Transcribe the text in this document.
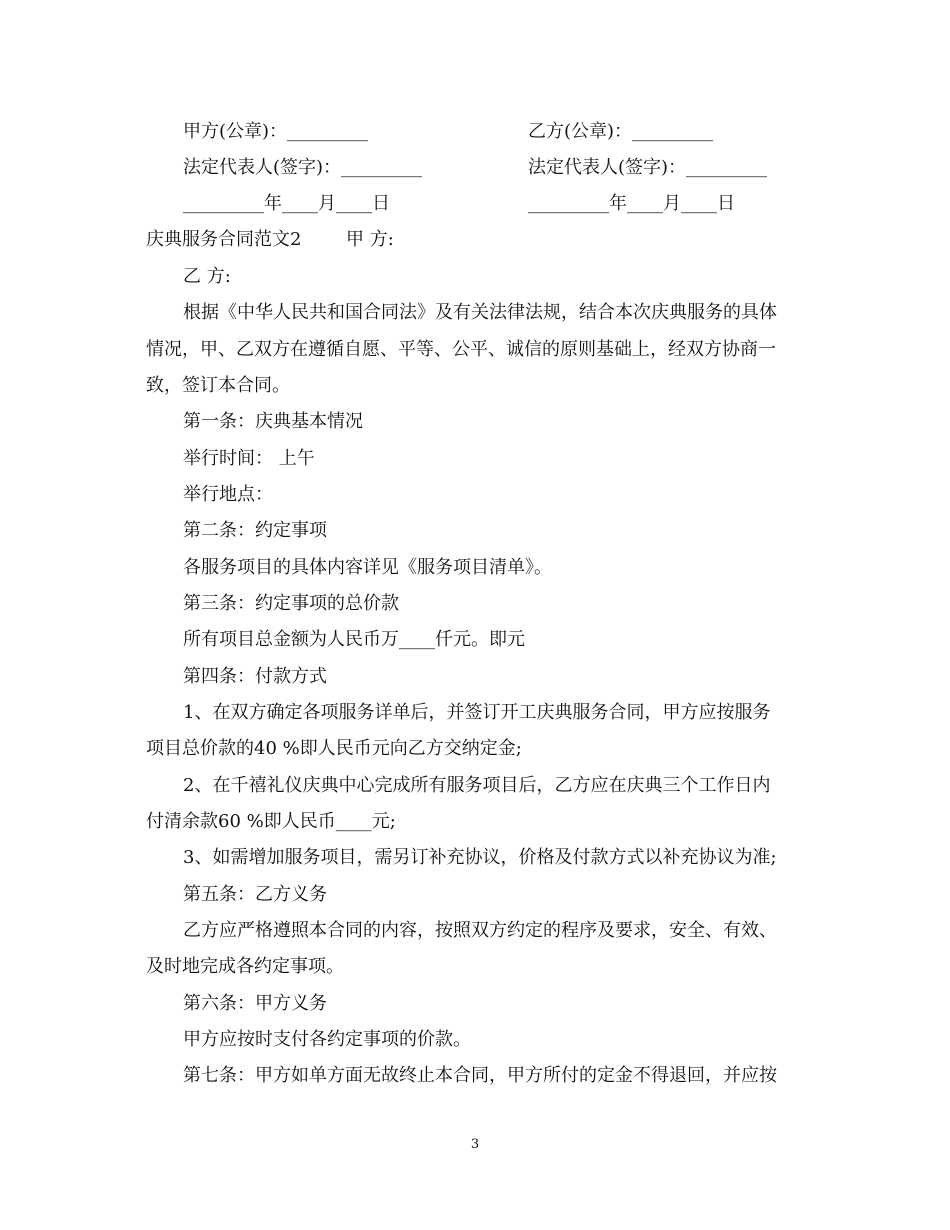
甲方(公章)：_________	乙方(公章)：_________
法定代表人(签字)：_________	法定代表人(签字)：_________
_________年____月____日	_________年____月____日
庆典服务合同范文2 甲 方:
乙 方:
根据《中华人民共和国合同法》及有关法律法规，结合本次庆典服务的具体
情况，甲、乙双方在遵循自愿、平等、公平、诚信的原则基础上，经双方协商一
致，签订本合同。
第一条：庆典基本情况
举行时间： 上午
举行地点：
第二条：约定事项
各服务项目的具体内容详见《服务项目清单》。
第三条：约定事项的总价款
所有项目总金额为人民币万____仟元。即元
第四条：付款方式
1、在双方确定各项服务详单后，并签订开工庆典服务合同，甲方应按服务
项目总价款的40 %即人民币元向乙方交纳定金;
2、在千禧礼仪庆典中心完成所有服务项目后，乙方应在庆典三个工作日内
付清余款60 %即人民币____元;
3、如需增加服务项目，需另订补充协议，价格及付款方式以补充协议为准;
第五条：乙方义务
乙方应严格遵照本合同的内容，按照双方约定的程序及要求，安全、有效、
及时地完成各约定事项。
第六条：甲方义务
甲方应按时支付各约定事项的价款。
第七条：甲方如单方面无故终止本合同，甲方所付的定金不得退回，并应按
3
